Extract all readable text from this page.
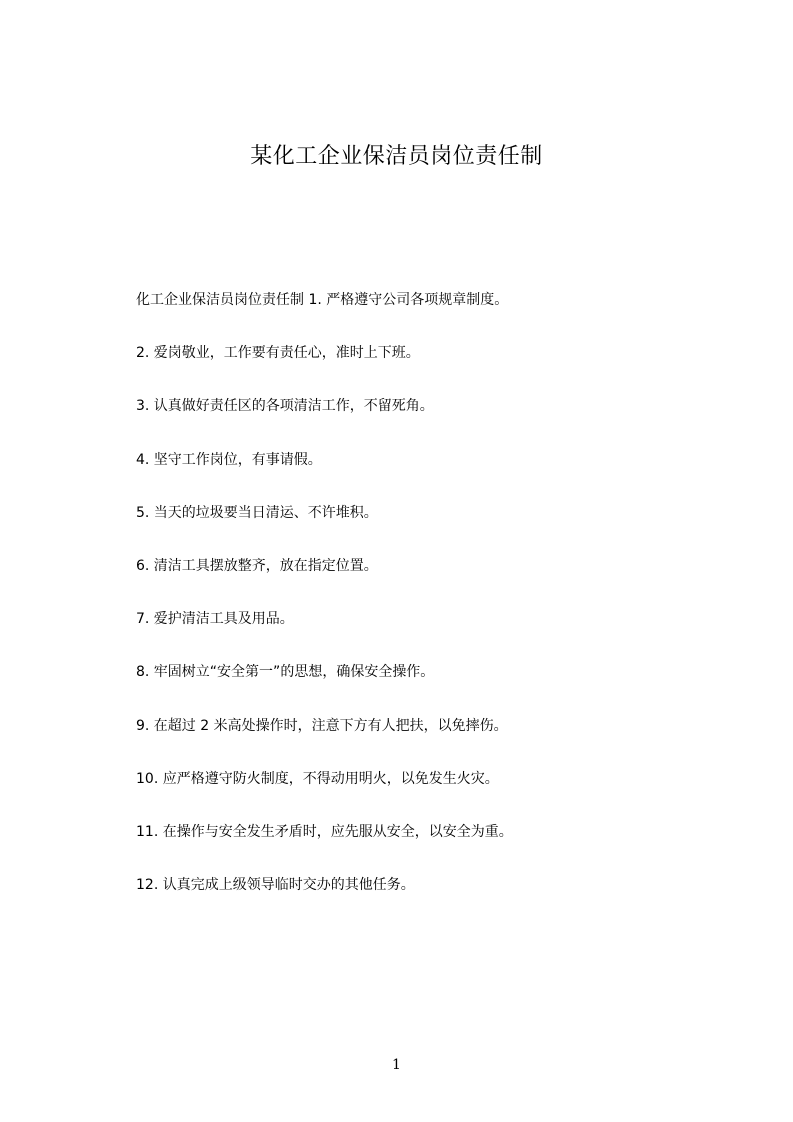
某化工企业保洁员岗位责任制
化工企业保洁员岗位责任制 1. 严格遵守公司各项规章制度。
2. 爱岗敬业，工作要有责任心，准时上下班。
3. 认真做好责任区的各项清洁工作，不留死角。
4. 坚守工作岗位，有事请假。
5. 当天的垃圾要当日清运、不许堆积。
6. 清洁工具摆放整齐，放在指定位置。
7. 爱护清洁工具及用品。
8. 牢固树立“安全第一”的思想，确保安全操作。
9. 在超过 2 米高处操作时，注意下方有人把扶，以免摔伤。
10. 应严格遵守防火制度，不得动用明火，以免发生火灾。
11. 在操作与安全发生矛盾时，应先服从安全，以安全为重。
12. 认真完成上级领导临时交办的其他任务。
1
